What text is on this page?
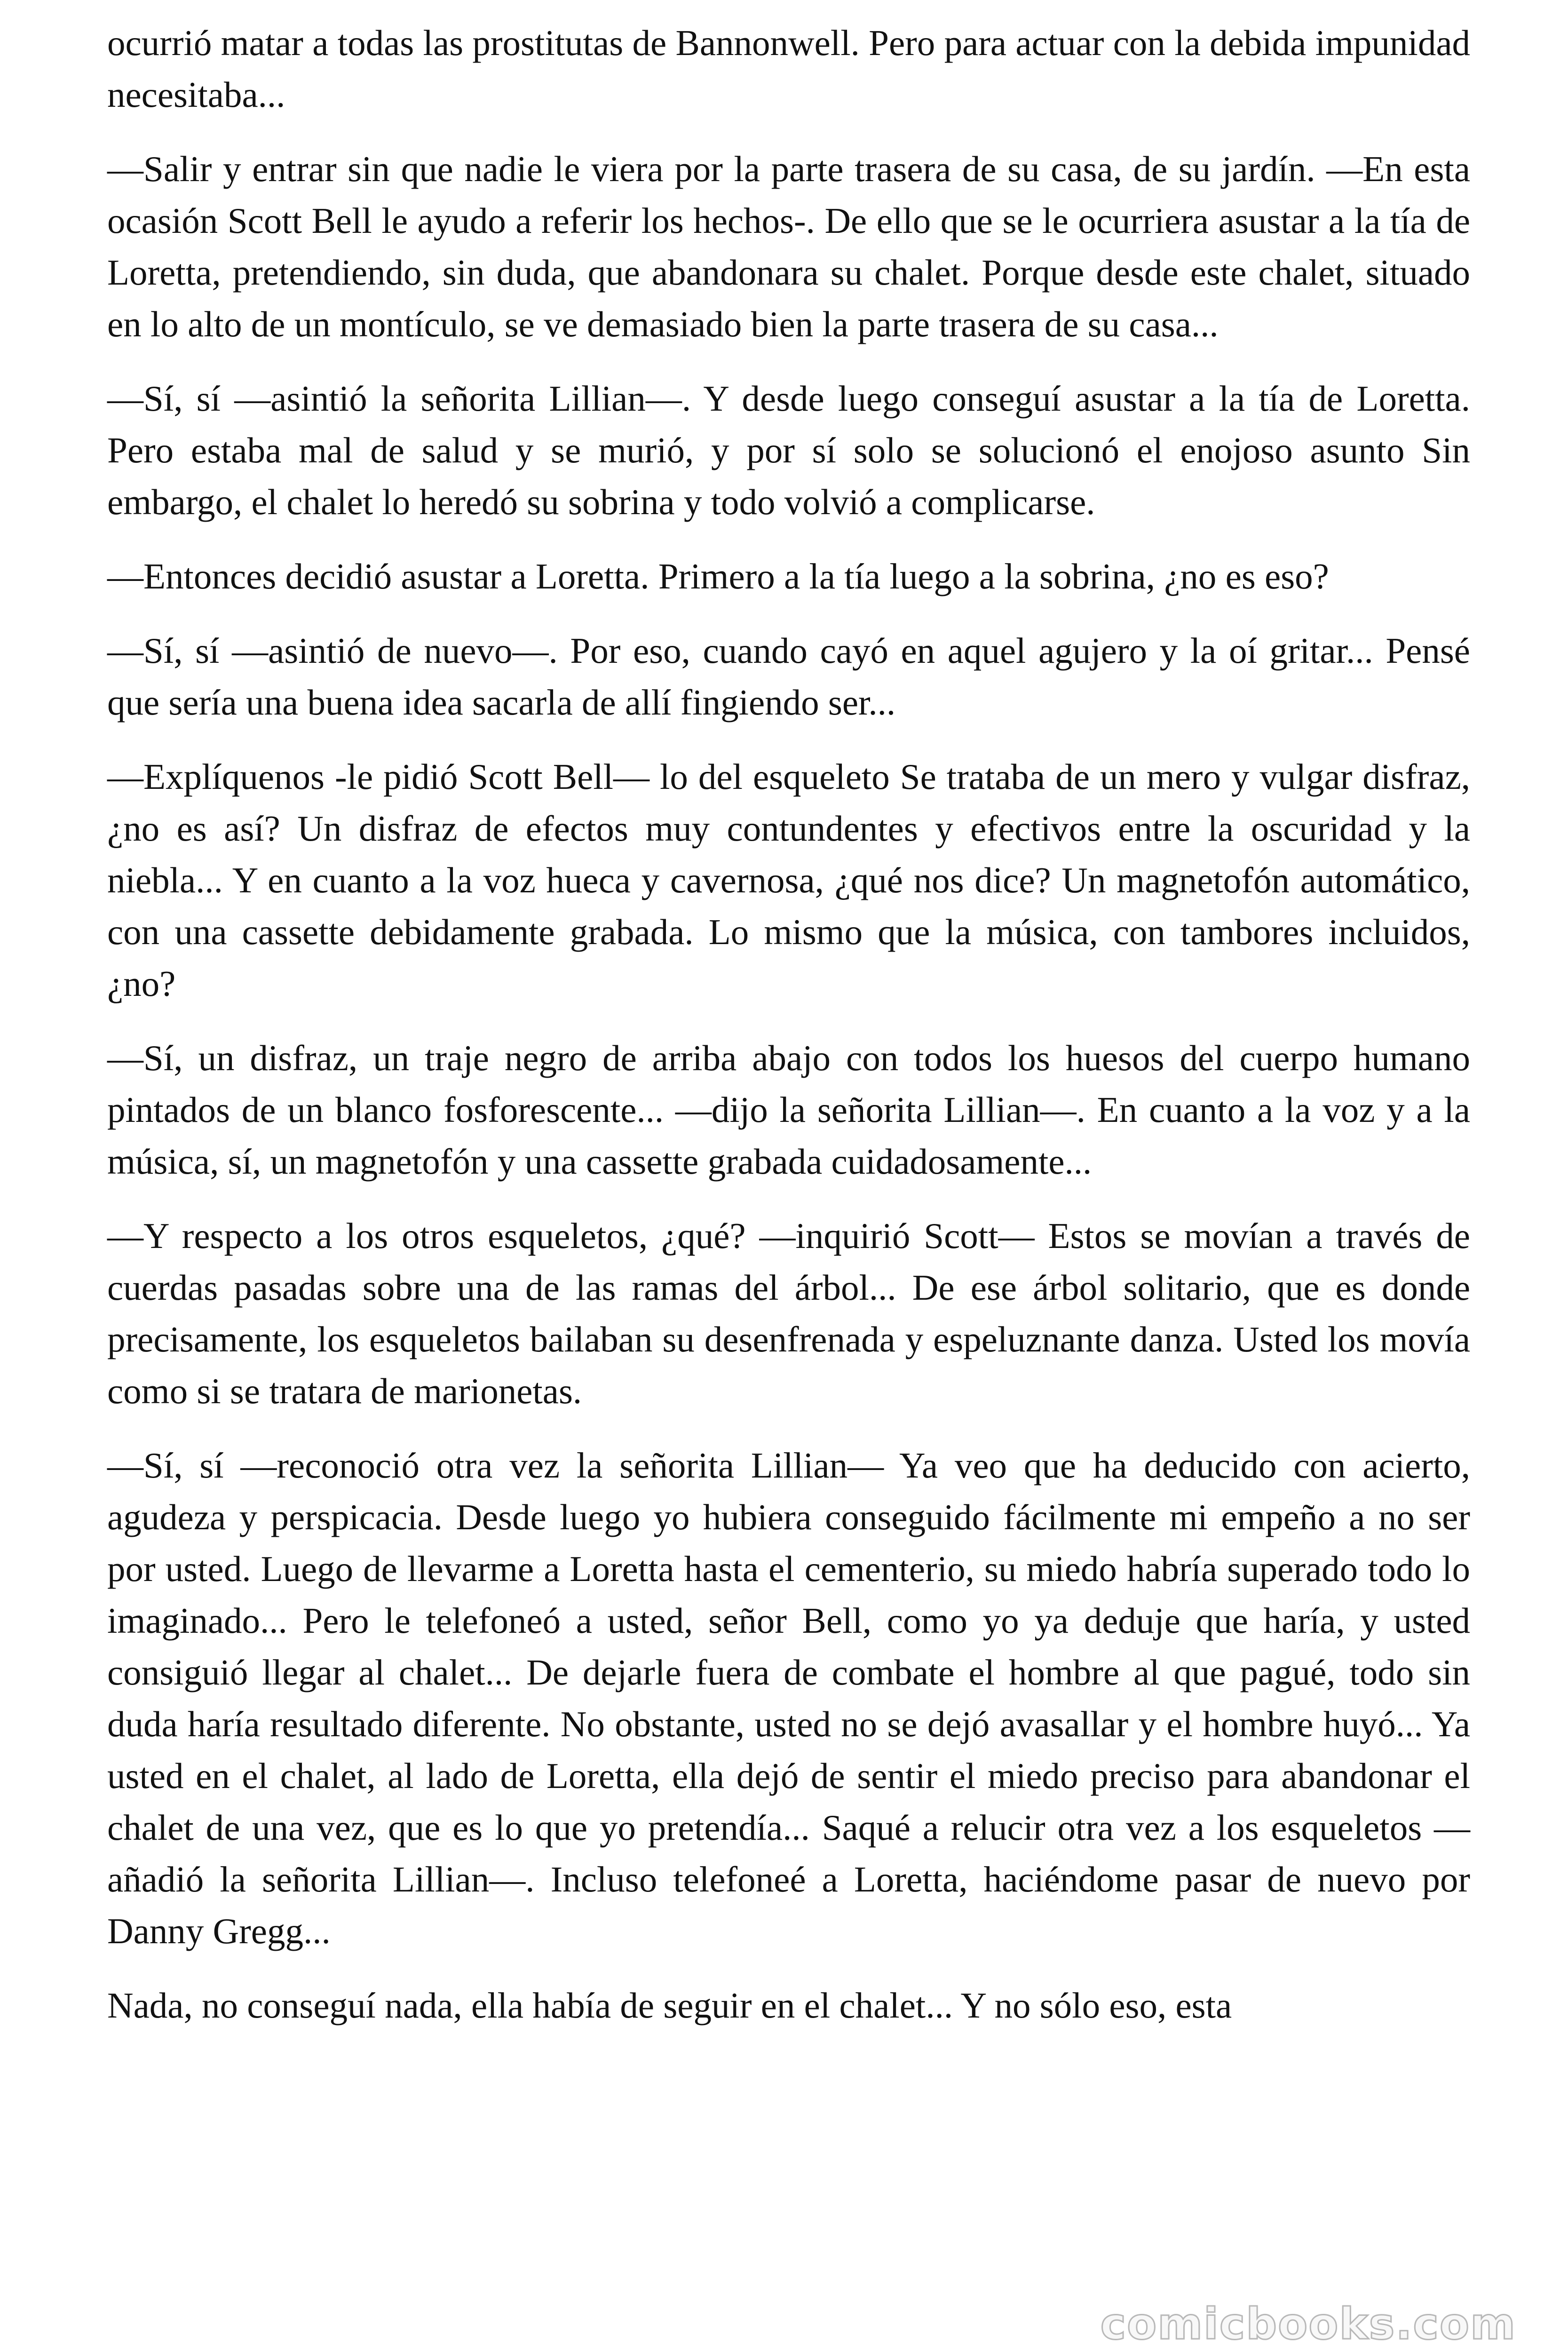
ocurrió matar a todas las prostitutas de Bannonwell. Pero para actuar con la debida impunidad necesitaba...

—Salir y entrar sin que nadie le viera por la parte trasera de su casa, de su jardín. —En esta ocasión Scott Bell le ayudo a referir los hechos-. De ello que se le ocurriera asustar a la tía de Loretta, pretendiendo, sin duda, que abandonara su chalet. Porque desde este chalet, situado en lo alto de un montículo, se ve demasiado bien la parte trasera de su casa...

—Sí, sí —asintió la señorita Lillian—. Y desde luego conseguí asustar a la tía de Loretta. Pero estaba mal de salud y se murió, y por sí solo se solucionó el enojoso asunto Sin embargo, el chalet lo heredó su sobrina y todo volvió a complicarse.

—Entonces decidió asustar a Loretta. Primero a la tía luego a la sobrina, ¿no es eso?

—Sí, sí —asintió de nuevo—. Por eso, cuando cayó en aquel agujero y la oí gritar... Pensé que sería una buena idea sacarla de allí fingiendo ser...

—Explíquenos -le pidió Scott Bell— lo del esqueleto Se trataba de un mero y vulgar disfraz, ¿no es así? Un disfraz de efectos muy contundentes y efectivos entre la oscuridad y la niebla... Y en cuanto a la voz hueca y cavernosa, ¿qué nos dice? Un magnetofón automático, con una cassette debidamente grabada. Lo mismo que la música, con tambores incluidos, ¿no?

—Sí, un disfraz, un traje negro de arriba abajo con todos los huesos del cuerpo humano pintados de un blanco fosforescente... —dijo la señorita Lillian—. En cuanto a la voz y a la música, sí, un magnetofón y una cassette grabada cuidadosamente...

—Y respecto a los otros esqueletos, ¿qué? —inquirió Scott— Estos se movían a través de cuerdas pasadas sobre una de las ramas del árbol... De ese árbol solitario, que es donde precisamente, los esqueletos bailaban su desenfrenada y espeluznante danza. Usted los movía como si se tratara de marionetas.

—Sí, sí —reconoció otra vez la señorita Lillian— Ya veo que ha deducido con acierto, agudeza y perspicacia. Desde luego yo hubiera conseguido fácilmente mi empeño a no ser por usted. Luego de llevarme a Loretta hasta el cementerio, su miedo habría superado todo lo imaginado... Pero le telefoneó a usted, señor Bell, como yo ya deduje que haría, y usted consiguió llegar al chalet... De dejarle fuera de combate el hombre al que pagué, todo sin duda haría resultado diferente. No obstante, usted no se dejó avasallar y el hombre huyó... Ya usted en el chalet, al lado de Loretta, ella dejó de sentir el miedo preciso para abandonar el chalet de una vez, que es lo que yo pretendía... Saqué a relucir otra vez a los esqueletos —añadió la señorita Lillian—. Incluso telefoneé a Loretta, haciéndome pasar de nuevo por Danny Gregg...

Nada, no conseguí nada, ella había de seguir en el chalet... Y no sólo eso, esta

comicbooks.com
